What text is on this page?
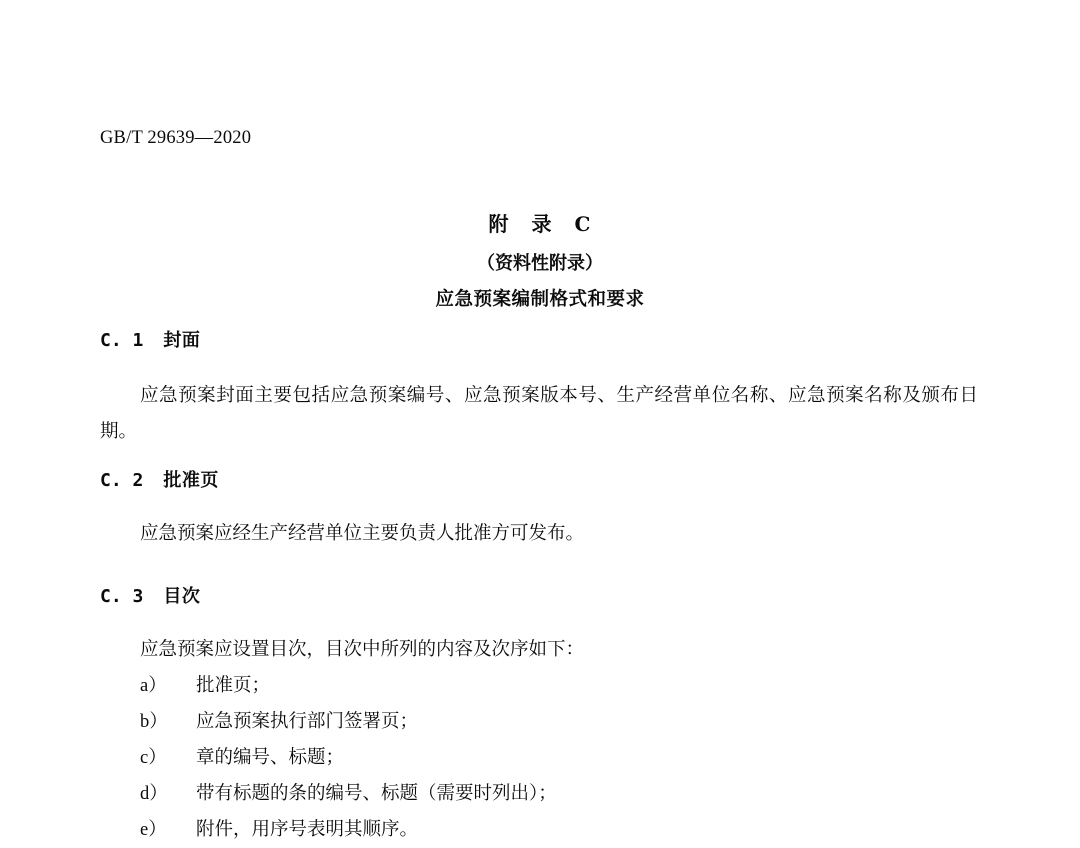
GB/T 29639—2020
附 录 C
（资料性附录）
应急预案编制格式和要求
C. 1 封面
应急预案封面主要包括应急预案编号、应急预案版本号、生产经营单位名称、应急预案名称及颁布日期。
C. 2 批准页
应急预案应经生产经营单位主要负责人批准方可发布。
C. 3 目次
应急预案应设置目次，目次中所列的内容及次序如下：
a）	批准页；
b）	应急预案执行部门签署页；
c）	章的编号、标题；
d）	带有标题的条的编号、标题（需要时列出）；
e）	附件，用序号表明其顺序。
